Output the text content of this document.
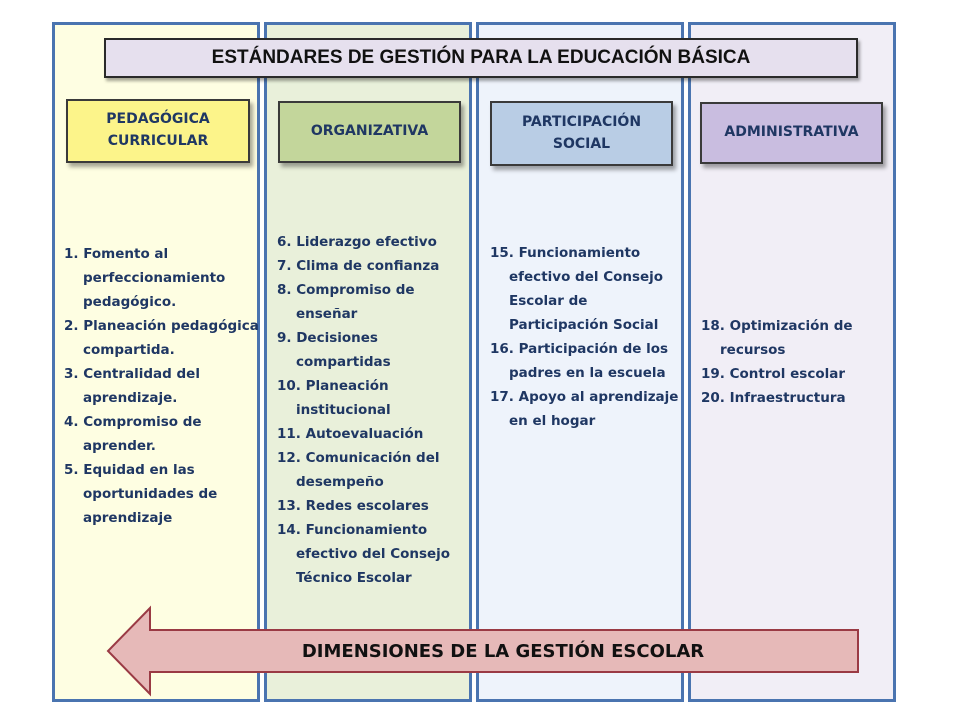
ESTÁNDARES DE GESTIÓN PARA LA EDUCACIÓN BÁSICA
PEDAGÓGICA CURRICULAR
ORGANIZATIVA
PARTICIPACIÓN SOCIAL
ADMINISTRATIVA
1. Fomento al perfeccionamiento pedagógico.
2. Planeación pedagógica compartida.
3. Centralidad del aprendizaje.
4. Compromiso de aprender.
5. Equidad en las oportunidades de aprendizaje
6. Liderazgo efectivo
7. Clima de confianza
8. Compromiso de enseñar
9. Decisiones compartidas
10. Planeación institucional
11. Autoevaluación
12. Comunicación del desempeño
13. Redes escolares
14. Funcionamiento efectivo del Consejo Técnico Escolar
15. Funcionamiento efectivo del Consejo Escolar de Participación Social
16. Participación de los padres en la escuela
17. Apoyo al aprendizaje en el hogar
18. Optimización de recursos
19. Control escolar
20. Infraestructura
DIMENSIONES DE LA GESTIÓN ESCOLAR
